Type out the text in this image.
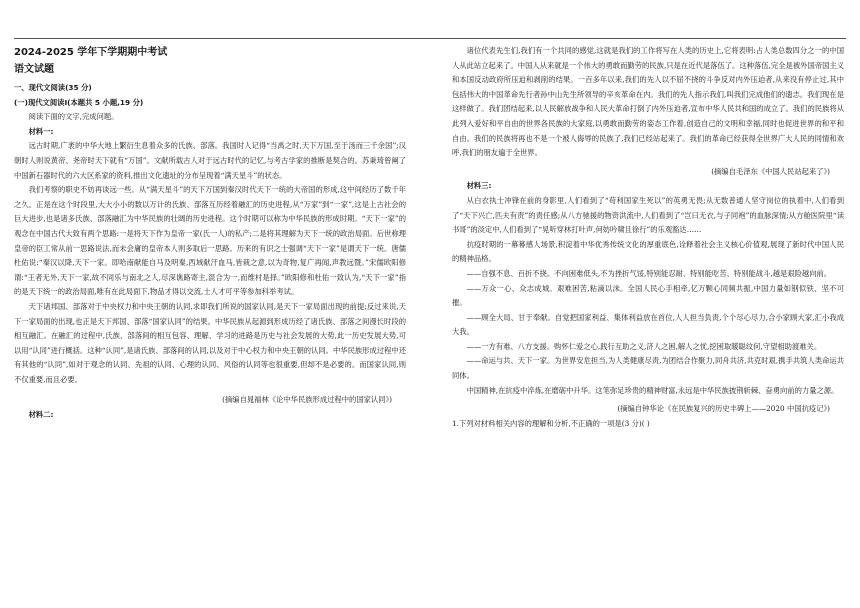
2024-2025 学年下学期期中考试

语文试题

一、现代文阅读(35 分)

(一)现代文阅读Ⅰ(本题共 5 小题,19 分)

阅读下面的文字,完成问题。

材料一:

远古时期,广袤的中华大地上繁衍生息着众多的氏族、部落。我国时人记得“当禹之时,天下万国,至于汤而三千余国”;汉朝时人则说黄帝、尧帝时天下就有“万国”。文献所载古人对于远古时代的记忆,与考古学家的推断是契合的。苏秉琦曾阐了中国新石器时代的六大区系家的资料,推出文化遗址的分布呈现着“满天星斗”的状态。

我们考察的职史不妨再谈远一些。从“满天星斗”的天下万国到秦汉时代天下一统的大帝国的形成,这中间经历了数千年之久。正是在这个时段里,大大小小的数以万计的氏族、部落互历经着融汇的历史进程,从“万家”到“一家”,这是上古社会的巨大进步,也是诸多氏族、部落融汇为中华民族的壮阔的历史进程。这个时期可以称为中华民族的形成时期。“天下一家”的观念在中国古代大致有两个思路:一是将天下作为皇帝一家(氏一人)的私产;二是将其理解为天下一统的政治局面。后世称理皇帝的臣工常从前一思路说法,而未会庸的皇帝本人则多取后一思路。历来的有识之士强调“天下一家”是谓天下一统。唐儒杜佑说:“秦汉以降,天下一家。即哈南献能自马及明秦,西域献汗血马,皆栽之意,以为奇物,复广再闻,声教远暨。”宋儒欧阳修谓:“王者无外,天下一家,故不同乐与南北之人,尽深谯路寄主,混合为一,而维村是择。”欧阳修和杜佑一致认为,“天下一家”指的是天下统一的政治局面,唯有在此局面下,物品才得以交流,士人才可平等参加科举考试。

天下诸邦国、部落对于中央权力和中央王朝的认同,求即我们所说的国家认同,是天下一家局面出现的前提;反过来说,天下一家局面的出现,也正是天下邦国、部落“国家认同”的结果。中华民族从起源到形成历经了诸氏族、部落之间漫长时段的相互融汇。在融汇的过程中,氏族、部落间的相互包容、理解、学习的进路是历史与社会发展的大势,此一历史发展大势,可以用“认同”进行概括。这种“认同”,是诸氏族、部落间的认同,以及对于中心权力和中央王朝的认同。中华民族形成过程中还有其他的“认同”,如对于观念的认同、先祖的认同、心理的认同、风俗的认同等也很重要,但却不是必要的。而国家认同,则不仅重要,而且必要。

(摘编自晁福林《论中华民族形成过程中的国家认同》)

材料二:

诸位代表先生们,我们有一个共同的感觉,这就是我们的工作将写在人类的历史上,它将表明:占人类总数四分之一的中国人从此站立起来了。中国人从来就是一个伟大的勇敢而勤劳的民族,只是在近代是落伍了。这种落伍,完全是被外国帝国主义和本国反动政府所压迫和剥削的结果。一百多年以来,我们的先人以不屈不挠的斗争反对内外压迫者,从来没有停止过,其中包括伟大的中国革命先行者孙中山先生所领导的辛亥革命在内。我们的先人指示我们,叫我们完成他们的遗志。我们现在是这样做了。我们团结起来,以人民解放战争和人民大革命打倒了内外压迫者,宣布中华人民共和国的成立了。我们的民族将从此列入爱好和平自由的世界各民族的大家庭,以勇敢而勤劳的姿态工作着,创造自己的文明和幸福,同时也促进世界的和平和自由。我们的民族将再也不是一个被人侮辱的民族了,我们已经站起来了。我们的革命已经获得全世界广大人民的同情和欢呼,我们的朋友遍于全世界。

(摘编自毛泽东《中国人民站起来了》)

材料三:

从白衣执士冲锋在前的身影里,人们看到了“苟利国家生死以”的英勇无畏;从无数普通人坚守岗位的执着中,人们看到了“天下兴亡,匹夫有责”的责任感;从八方驰援的物资洪流中,人们看到了“岂曰无衣,与子同袍”的血脉深情;从方舱医院里“读书哥”的淡定中,人们看到了“晃听穿林打叶声,何妨吟啸且徐行”的乐观豁达……

抗疫时期的一幕幕感人场景,积淀着中华优秀传统文化的厚重底色,诠释着社会主义核心价值观,展现了新时代中国人民的精神品格。

——自强不息、百折不挠。不向困难低头,不为挫折气馁,特别能忍耐、特别能吃苦、特别能战斗,越是艰险越向前。

——万众一心、众志成城。艰难困苦,粘滴以沫。全国人民心手相牵,亿万颗心同频共振,中国力量如钢似铁、坚不可摧。

——顾全大局、甘于奉献。自觉把国家利益、集体利益放在首位,人人担当负责,个个尽心尽力,合小家顾大家,汇小我成大我。

——一方有难、八方支援。购怀仁爱之心,践行互助之义,济人之困,解人之忧,挖困取暖聪纹何,守望相助渡难关。

——命运与共、天下一家。为世界安危担当,为人类健康尽责,为团结合作聚力,同舟共济,共克时艰,携手共筑人类命运共同体。

中国精神,在抗疫中淬炼,在磨砺中升华。这笔弥足珍贵的精神财富,永远是中华民族披荆斩棘、奋勇向前的力量之源。

(摘编自钟华论《在民族复兴的历史丰碑上——2020 中国抗疫记》)

1.下列对材料相关内容的理解和分析,不正确的一项是(3 分)( )
